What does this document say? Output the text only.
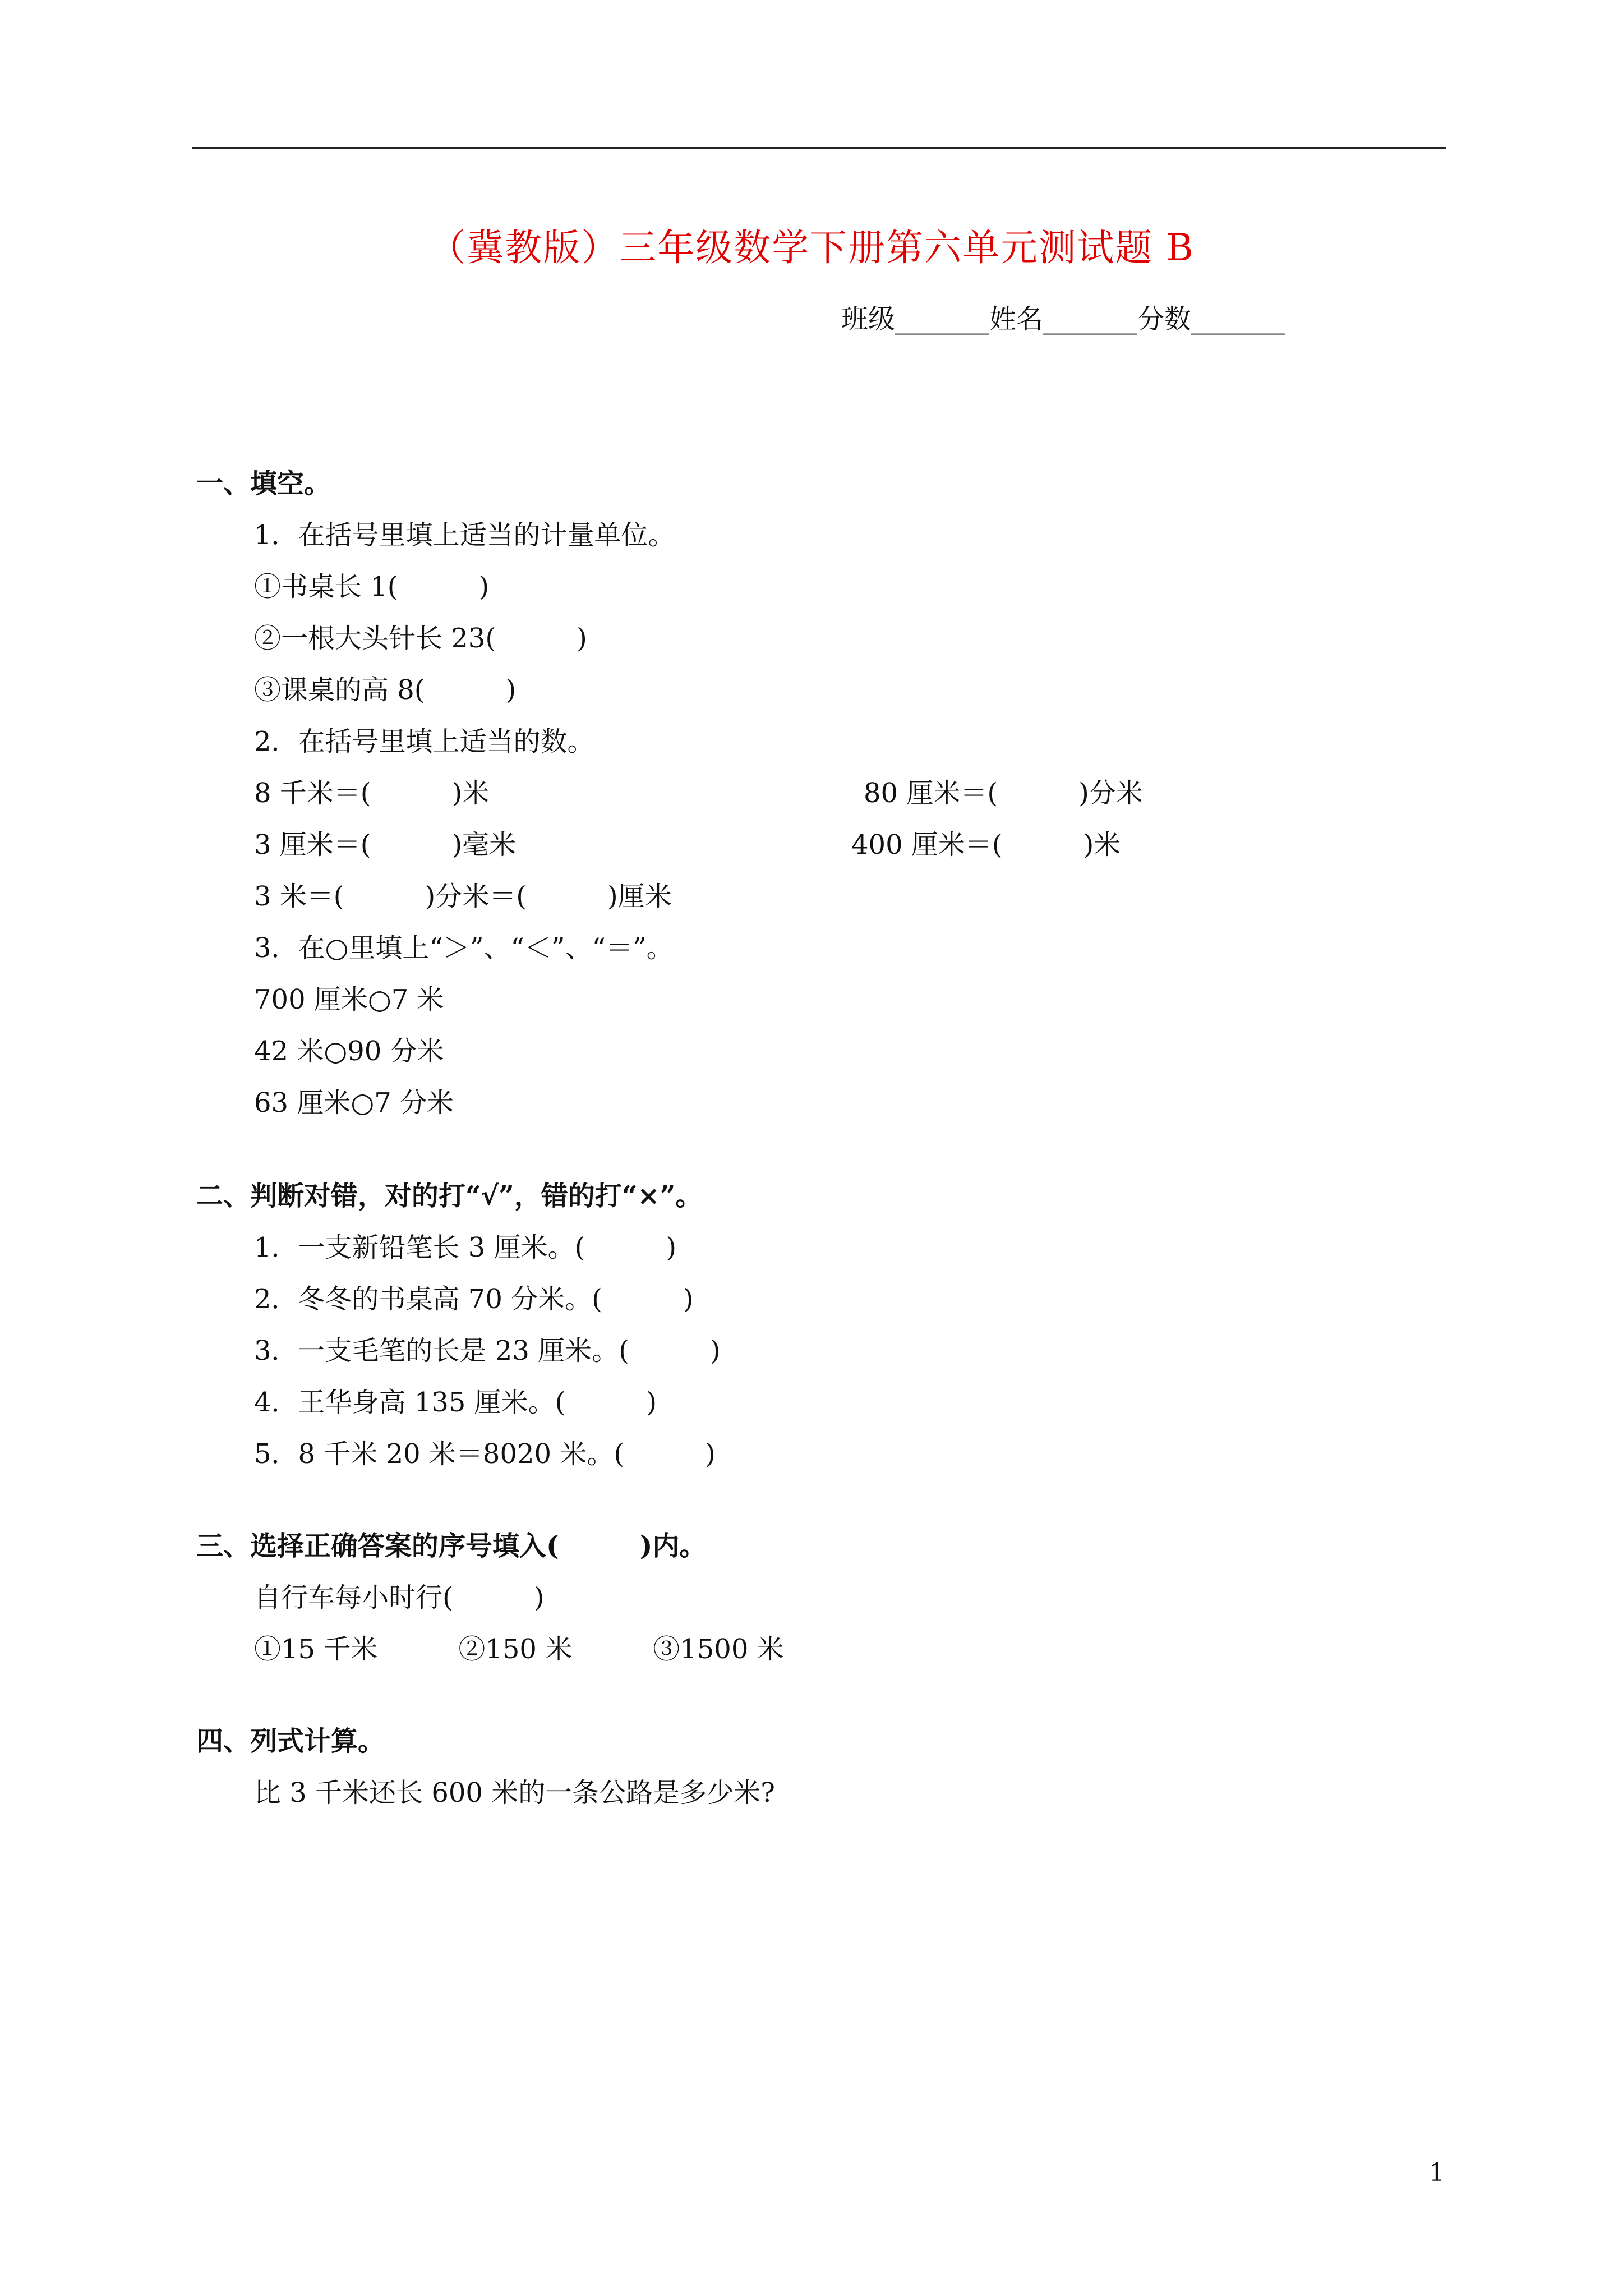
（冀教版）三年级数学下册第六单元测试题 B
班级_______姓名_______分数_______
一、填空。
1．在括号里填上适当的计量单位。
①书桌长 1(　　　)
②一根大头针长 23(　　　)
③课桌的高 8(　　　)
2．在括号里填上适当的数。
8 千米＝(　　　)米	80 厘米＝(　　　)分米
3 厘米＝(　　　)毫米	400 厘米＝(　　　)米
3 米＝(　　　)分米＝(　　　)厘米
3．在○里填上“＞”、“＜”、“＝”。
700 厘米○7 米
42 米○90 分米
63 厘米○7 分米
二、判断对错，对的打“√”，错的打“×”。
1．一支新铅笔长 3 厘米。(　　　)
2．冬冬的书桌高 70 分米。(　　　)
3．一支毛笔的长是 23 厘米。(　　　)
4．王华身高 135 厘米。(　　　)
5．8 千米 20 米＝8020 米。(　　　)
三、选择正确答案的序号填入(　　　)内。
自行车每小时行(　　　)
①15 千米　　　②150 米　　　③1500 米
四、列式计算。
比 3 千米还长 600 米的一条公路是多少米?
1
